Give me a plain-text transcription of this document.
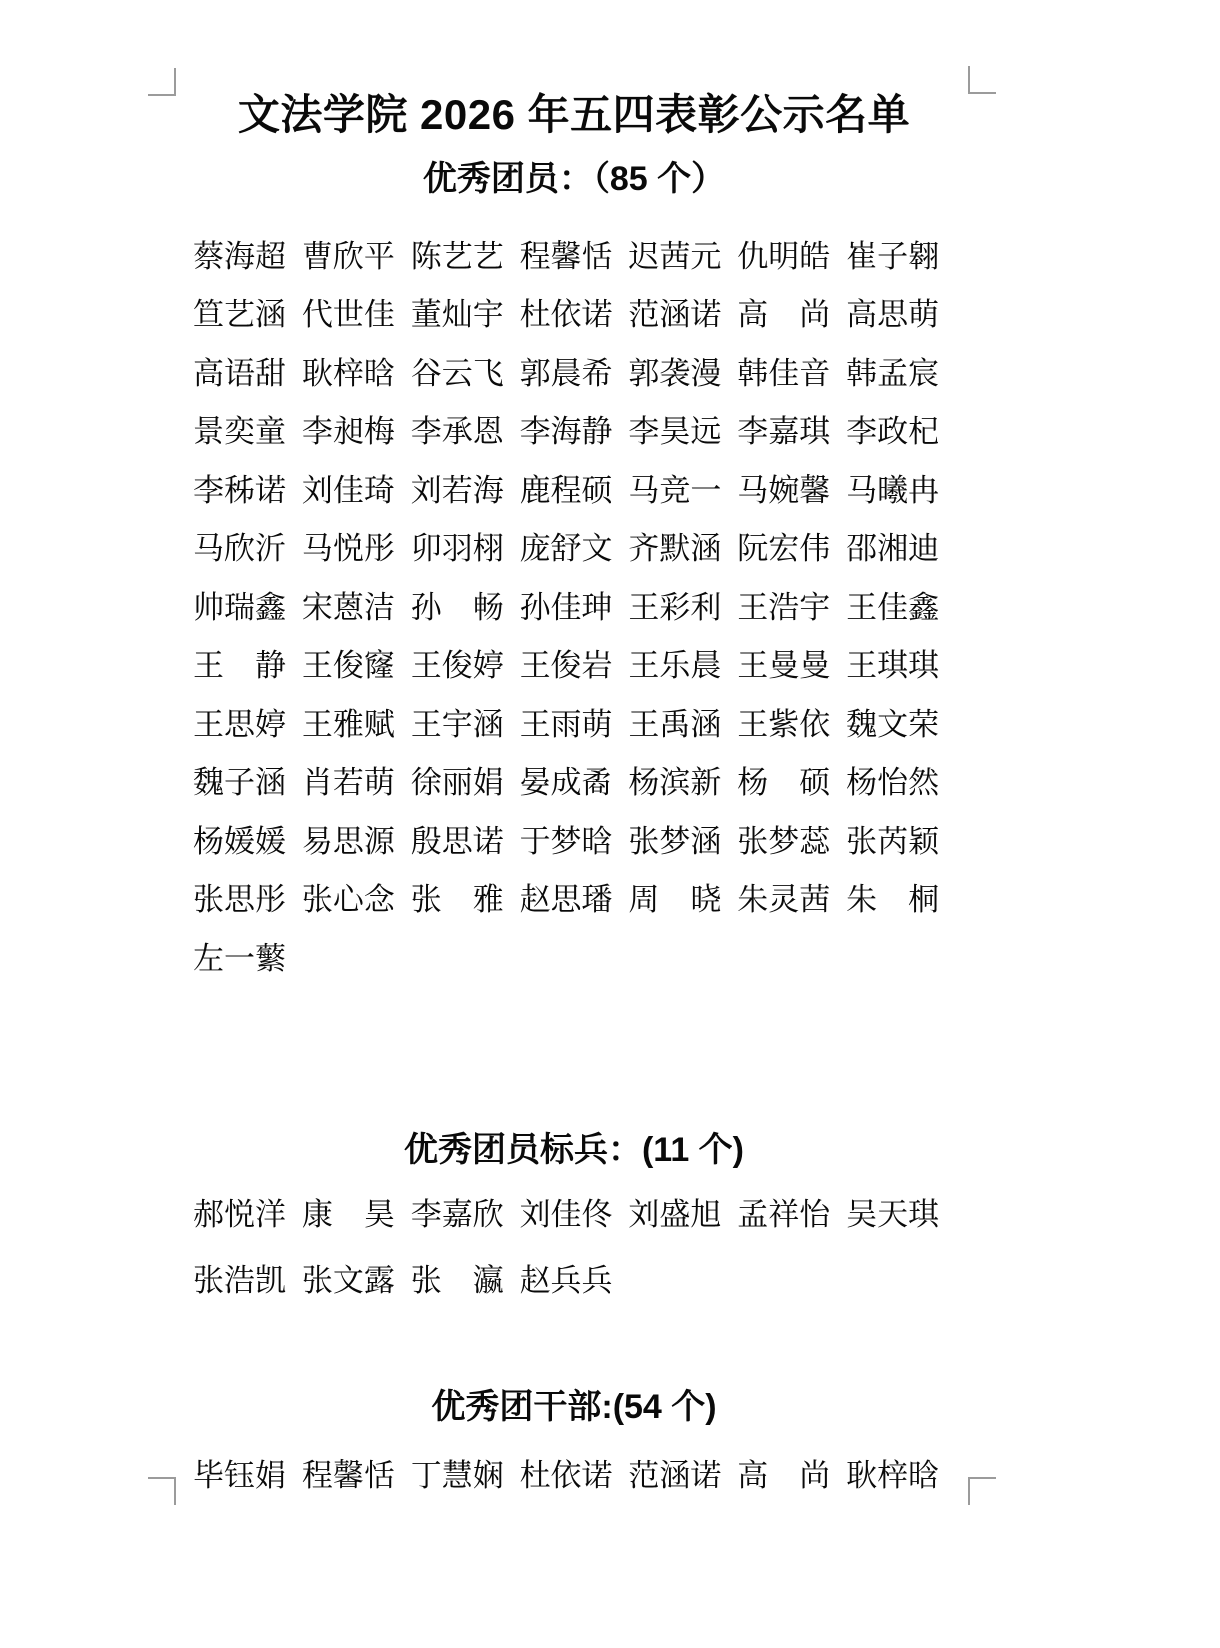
文法学院 2026 年五四表彰公示名单
优秀团员：（85 个）
蔡海超 曹欣平 陈艺艺 程馨恬 迟茜元 仇明皓 崔子翱
笪艺涵 代世佳 董灿宇 杜依诺 范涵诺 高　尚 高思萌
高语甜 耿梓晗 谷云飞 郭晨希 郭袭漫 韩佳音 韩孟宸
景奕童 李昶梅 李承恩 李海静 李昊远 李嘉琪 李政杞
李秭诺 刘佳琦 刘若海 鹿程硕 马竞一 马婉馨 马曦冉
马欣沂 马悦彤 卯羽栩 庞舒文 齐默涵 阮宏伟 邵湘迪
帅瑞鑫 宋蒽洁 孙　畅 孙佳珅 王彩利 王浩宇 王佳鑫
王　静 王俊窿 王俊婷 王俊岩 王乐晨 王曼曼 王琪琪
王思婷 王雅赋 王宇涵 王雨萌 王禹涵 王紫依 魏文荣
魏子涵 肖若萌 徐丽娟 晏成矞 杨滨新 杨　硕 杨怡然
杨媛媛 易思源 殷思诺 于梦晗 张梦涵 张梦蕊 张芮颖
张思彤 张心念 张　雅 赵思璠 周　晓 朱灵茜 朱　桐
左一蘩
优秀团员标兵：(11 个)
郝悦洋 康　昊 李嘉欣 刘佳佟 刘盛旭 孟祥怡 吴天琪
张浩凯 张文露 张　瀛 赵兵兵
优秀团干部:(54 个)
毕钰娟 程馨恬 丁慧娴 杜依诺 范涵诺 高　尚 耿梓晗
